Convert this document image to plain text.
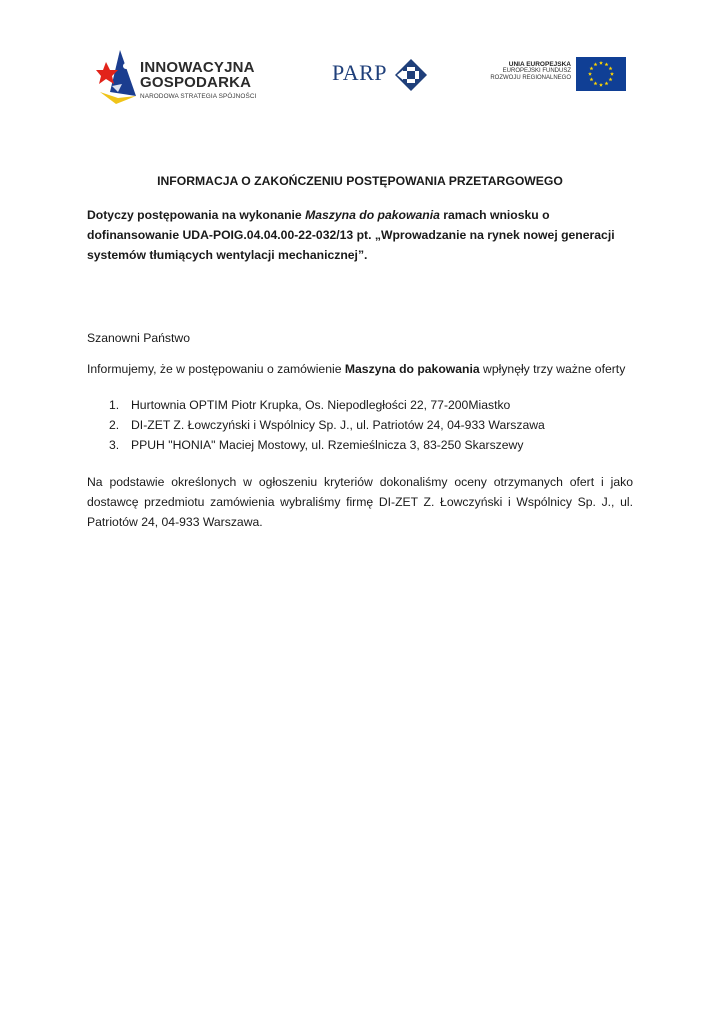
INNOWACYJNA
GOSPODARKA
NARODOWA STRATEGIA SPÓJNOŚCI
PARP	UNIA EUROPEJSKA
EUROPEJSKI FUNDUSZ
ROZWOJU REGIONALNEGO

INFORMACJA O ZAKOŃCZENIU POSTĘPOWANIA PRZETARGOWEGO

Dotyczy postępowania na wykonanie Maszyna do pakowania ramach wniosku o dofinansowanie UDA-POIG.04.04.00-22-032/13 pt. „Wprowadzanie na rynek nowej generacji systemów tłumiących wentylacji mechanicznej”.

Szanowni Państwo

Informujemy, że w postępowaniu o zamówienie Maszyna do pakowania wpłynęły trzy ważne oferty

1. Hurtownia OPTIM Piotr Krupka, Os. Niepodległości 22, 77-200Miastko
2. DI-ZET Z. Łowczyński i Wspólnicy Sp. J., ul. Patriotów 24, 04-933 Warszawa
3. PPUH "HONIA" Maciej Mostowy, ul. Rzemieślnicza 3, 83-250 Skarszewy

Na podstawie określonych w ogłoszeniu kryteriów dokonaliśmy oceny otrzymanych ofert i jako dostawcę przedmiotu zamówienia wybraliśmy firmę DI-ZET Z. Łowczyński i Wspólnicy Sp. J., ul. Patriotów 24, 04-933 Warszawa.
